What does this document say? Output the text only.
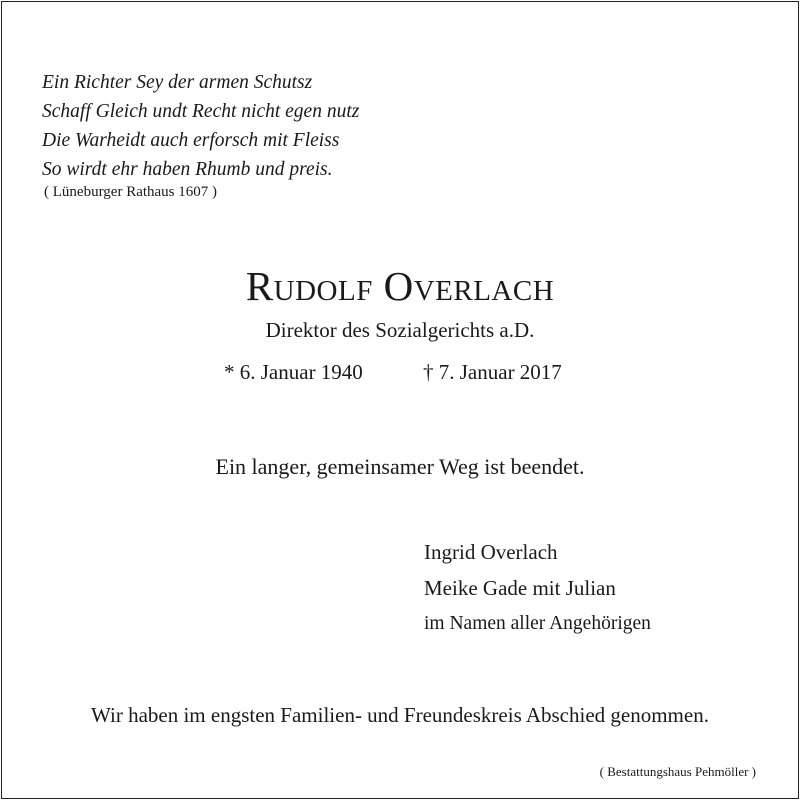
Ein Richter Sey der armen Schutsz
Schaff Gleich undt Recht nicht egen nutz
Die Warheidt auch erforsch mit Fleiss
So wirdt ehr haben Rhumb und preis.
( Lüneburger Rathaus 1607 )
Rudolf Overlach
Direktor des Sozialgerichts a.D.
* 6. Januar 1940	† 7. Januar 2017
Ein langer, gemeinsamer Weg ist beendet.
Ingrid Overlach
Meike Gade mit Julian
im Namen aller Angehörigen
Wir haben im engsten Familien- und Freundeskreis Abschied genommen.
( Bestattungshaus Pehmöller )
